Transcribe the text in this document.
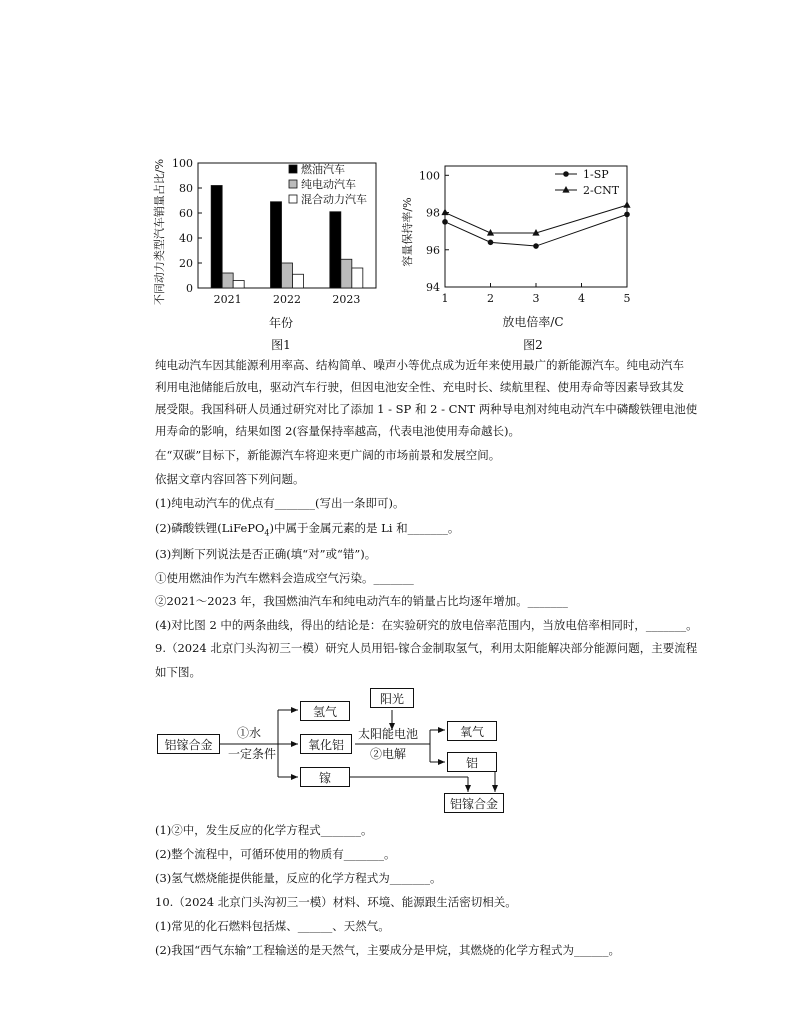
不同动力类型汽车销量占比/% 0
20
40
60
80
100
2021	2022	2023
燃油汽车
纯电动汽车
混合动力汽车
年份
图1
容量保持率/%
94
96
98
100
1	2	3	4	5
1-SP
2-CNT
放电倍率/C
图2
纯电动汽车因其能源利用率高、结构简单、噪声小等优点成为近年来使用最广的新能源汽车。纯电动汽车
利用电池储能后放电，驱动汽车行驶，但因电池安全性、充电时长、续航里程、使用寿命等因素导致其发
展受限。我国科研人员通过研究对比了添加 1 - SP 和 2 - CNT 两种导电剂对纯电动汽车中磷酸铁锂电池使
用寿命的影响，结果如图 2(容量保持率越高，代表电池使用寿命越长)。
在“双碳”目标下，新能源汽车将迎来更广阔的市场前景和发展空间。
依据文章内容回答下列问题。
(1)纯电动汽车的优点有_______(写出一条即可)。
(2)磷酸铁锂(LiFePO$_4$)中属于金属元素的是 Li 和_______。
(3)判断下列说法是否正确(填“对”或“错”)。
①使用燃油作为汽车燃料会造成空气污染。_______
②2021～2023 年，我国燃油汽车和纯电动汽车的销量占比均逐年增加。_______
(4)对比图 2 中的两条曲线，得出的结论是：在实验研究的放电倍率范围内，当放电倍率相同时，_______。
9.（2024 北京门头沟初三一模）研究人员用铝-镓合金制取氢气，利用太阳能解决部分能源问题，主要流程
如下图。
铝镓合金
①水
一定条件
氢气
氧化铝
镓
阳光
太阳能电池
②电解
氧气
铝
铝镓合金
(1)②中，发生反应的化学方程式_______。
(2)整个流程中，可循环使用的物质有_______。
(3)氢气燃烧能提供能量，反应的化学方程式为_______。
10.（2024 北京门头沟初三一模）材料、环境、能源跟生活密切相关。
(1)常见的化石燃料包括煤、______、天然气。
(2)我国“西气东输”工程输送的是天然气，主要成分是甲烷，其燃烧的化学方程式为______。
